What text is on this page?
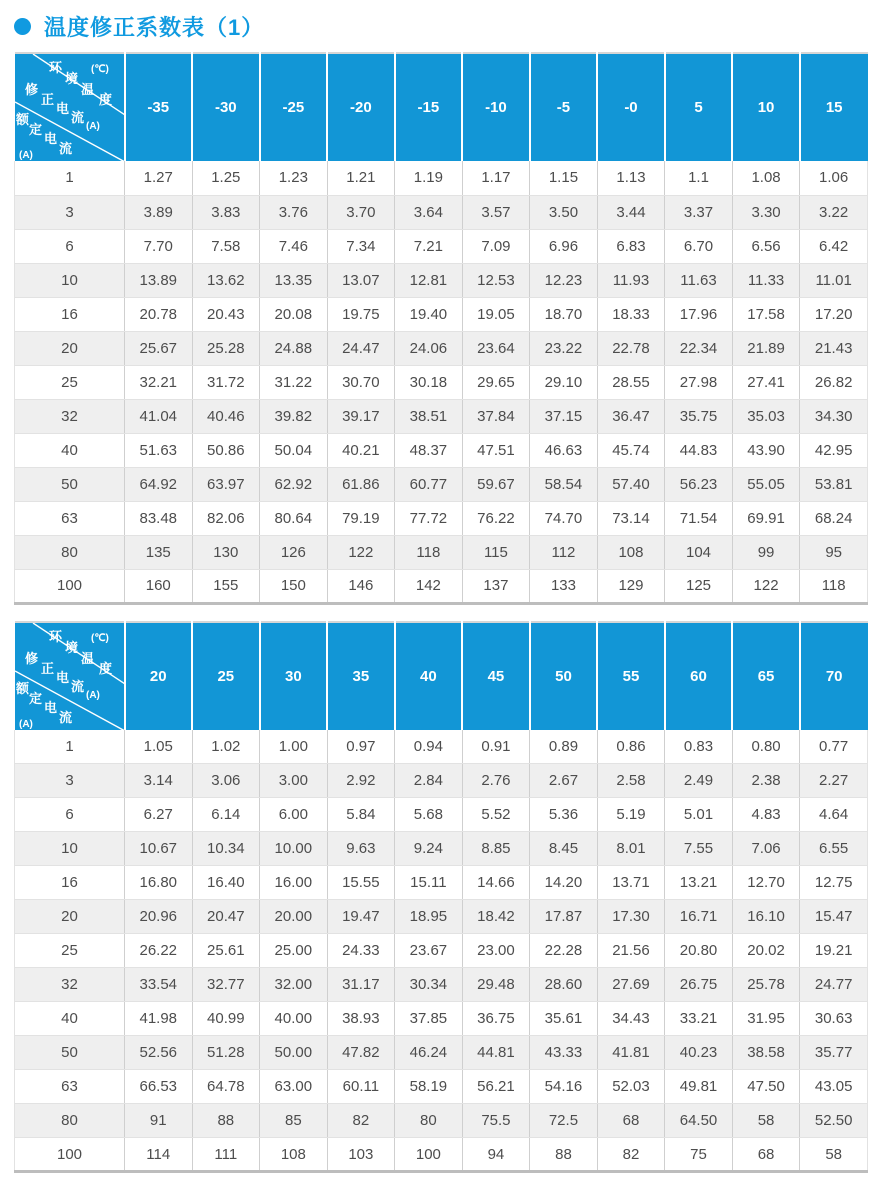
温度修正系数表（1）
环
境
温
度
(℃)
修
正
电
流
(A)
额
定
电
流
(A)
	-35	-30	-25	-20	-15	-10	-5	-0	5	10	15
1	1.27	1.25	1.23	1.21	1.19	1.17	1.15	1.13	1.1	1.08	1.06
3	3.89	3.83	3.76	3.70	3.64	3.57	3.50	3.44	3.37	3.30	3.22
6	7.70	7.58	7.46	7.34	7.21	7.09	6.96	6.83	6.70	6.56	6.42
10	13.89	13.62	13.35	13.07	12.81	12.53	12.23	11.93	11.63	11.33	11.01
16	20.78	20.43	20.08	19.75	19.40	19.05	18.70	18.33	17.96	17.58	17.20
20	25.67	25.28	24.88	24.47	24.06	23.64	23.22	22.78	22.34	21.89	21.43
25	32.21	31.72	31.22	30.70	30.18	29.65	29.10	28.55	27.98	27.41	26.82
32	41.04	40.46	39.82	39.17	38.51	37.84	37.15	36.47	35.75	35.03	34.30
40	51.63	50.86	50.04	40.21	48.37	47.51	46.63	45.74	44.83	43.90	42.95
50	64.92	63.97	62.92	61.86	60.77	59.67	58.54	57.40	56.23	55.05	53.81
63	83.48	82.06	80.64	79.19	77.72	76.22	74.70	73.14	71.54	69.91	68.24
80	135	130	126	122	118	115	112	108	104	99	95
100	160	155	150	146	142	137	133	129	125	122	118
环
境
温
度
(℃)
修
正
电
流
(A)
额
定
电
流
(A)
	20	25	30	35	40	45	50	55	60	65	70
1	1.05	1.02	1.00	0.97	0.94	0.91	0.89	0.86	0.83	0.80	0.77
3	3.14	3.06	3.00	2.92	2.84	2.76	2.67	2.58	2.49	2.38	2.27
6	6.27	6.14	6.00	5.84	5.68	5.52	5.36	5.19	5.01	4.83	4.64
10	10.67	10.34	10.00	9.63	9.24	8.85	8.45	8.01	7.55	7.06	6.55
16	16.80	16.40	16.00	15.55	15.11	14.66	14.20	13.71	13.21	12.70	12.75
20	20.96	20.47	20.00	19.47	18.95	18.42	17.87	17.30	16.71	16.10	15.47
25	26.22	25.61	25.00	24.33	23.67	23.00	22.28	21.56	20.80	20.02	19.21
32	33.54	32.77	32.00	31.17	30.34	29.48	28.60	27.69	26.75	25.78	24.77
40	41.98	40.99	40.00	38.93	37.85	36.75	35.61	34.43	33.21	31.95	30.63
50	52.56	51.28	50.00	47.82	46.24	44.81	43.33	41.81	40.23	38.58	35.77
63	66.53	64.78	63.00	60.11	58.19	56.21	54.16	52.03	49.81	47.50	43.05
80	91	88	85	82	80	75.5	72.5	68	64.50	58	52.50
100	114	111	108	103	100	94	88	82	75	68	58
